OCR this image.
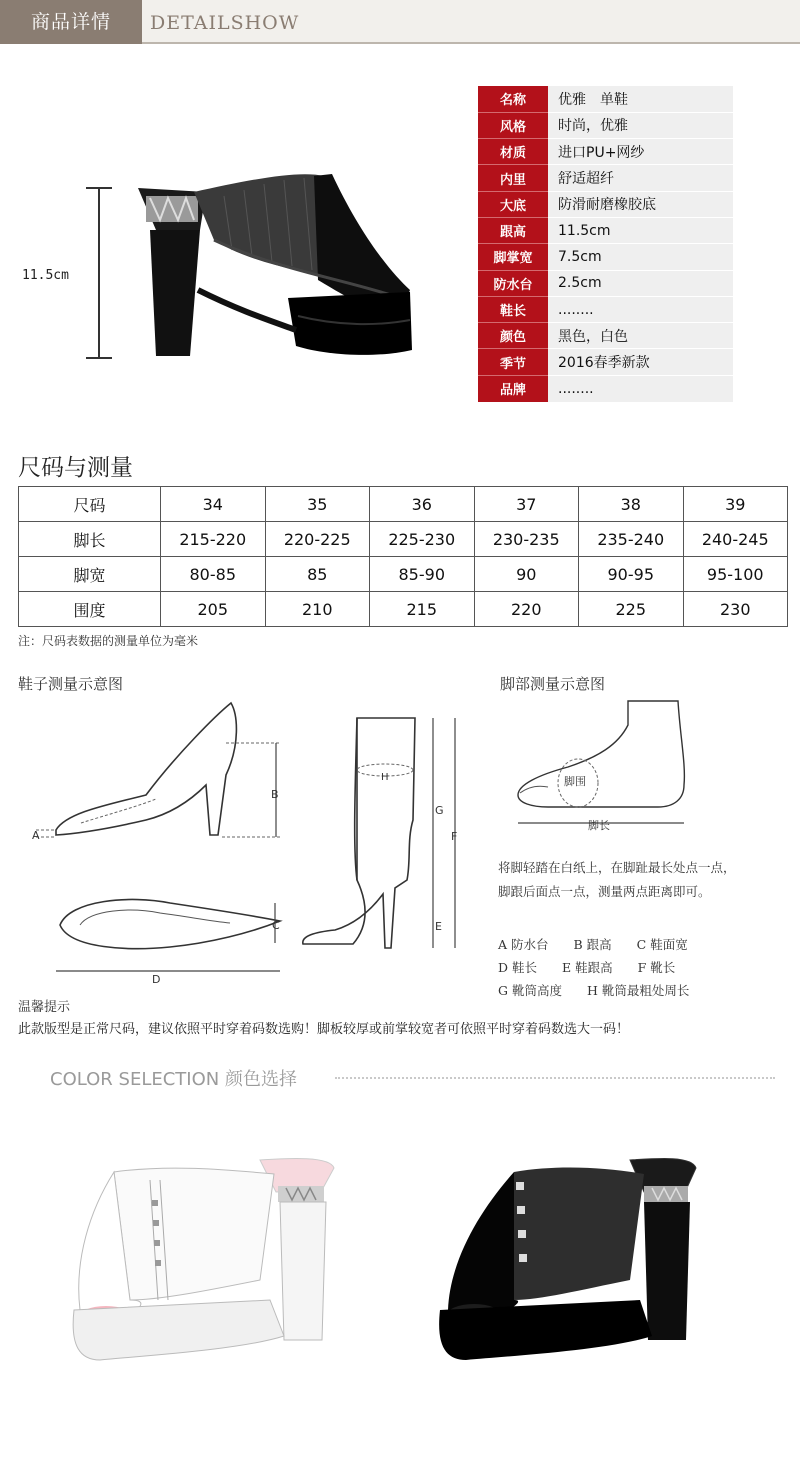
商品详情	DETAILSHOW
11.5cm
名称	优雅　单鞋
风格	时尚，优雅
材质	进口PU+网纱
内里	舒适超纤
大底	防滑耐磨橡胶底
跟高	11.5cm
脚掌宽	7.5cm
防水台	2.5cm
鞋长	........
颜色	黑色，白色
季节	2016春季新款
品牌	........
尺码与测量
尺码	34	35	36	37	38	39
脚长	215-220	220-225	225-230	230-235	235-240	240-245
脚宽	80-85	85	85-90	90	90-95	95-100
围度	205	210	215	220	225	230
注：尺码表数据的测量单位为毫米
鞋子测量示意图	脚部测量示意图
A
B
C
D
H
G
F
E
脚围
脚长
将脚轻踏在白纸上，在脚趾最长处点一点，
脚跟后面点一点，测量两点距离即可。
A 防水台　　B 跟高　　C 鞋面宽
D 鞋长　　E 鞋跟高　　F 靴长
G 靴筒高度　　H 靴筒最粗处周长
温馨提示
此款版型是正常尺码，建议依照平时穿着码数选购！脚板较厚或前掌较宽者可依照平时穿着码数选大一码！
COLOR SELECTION 颜色选择
